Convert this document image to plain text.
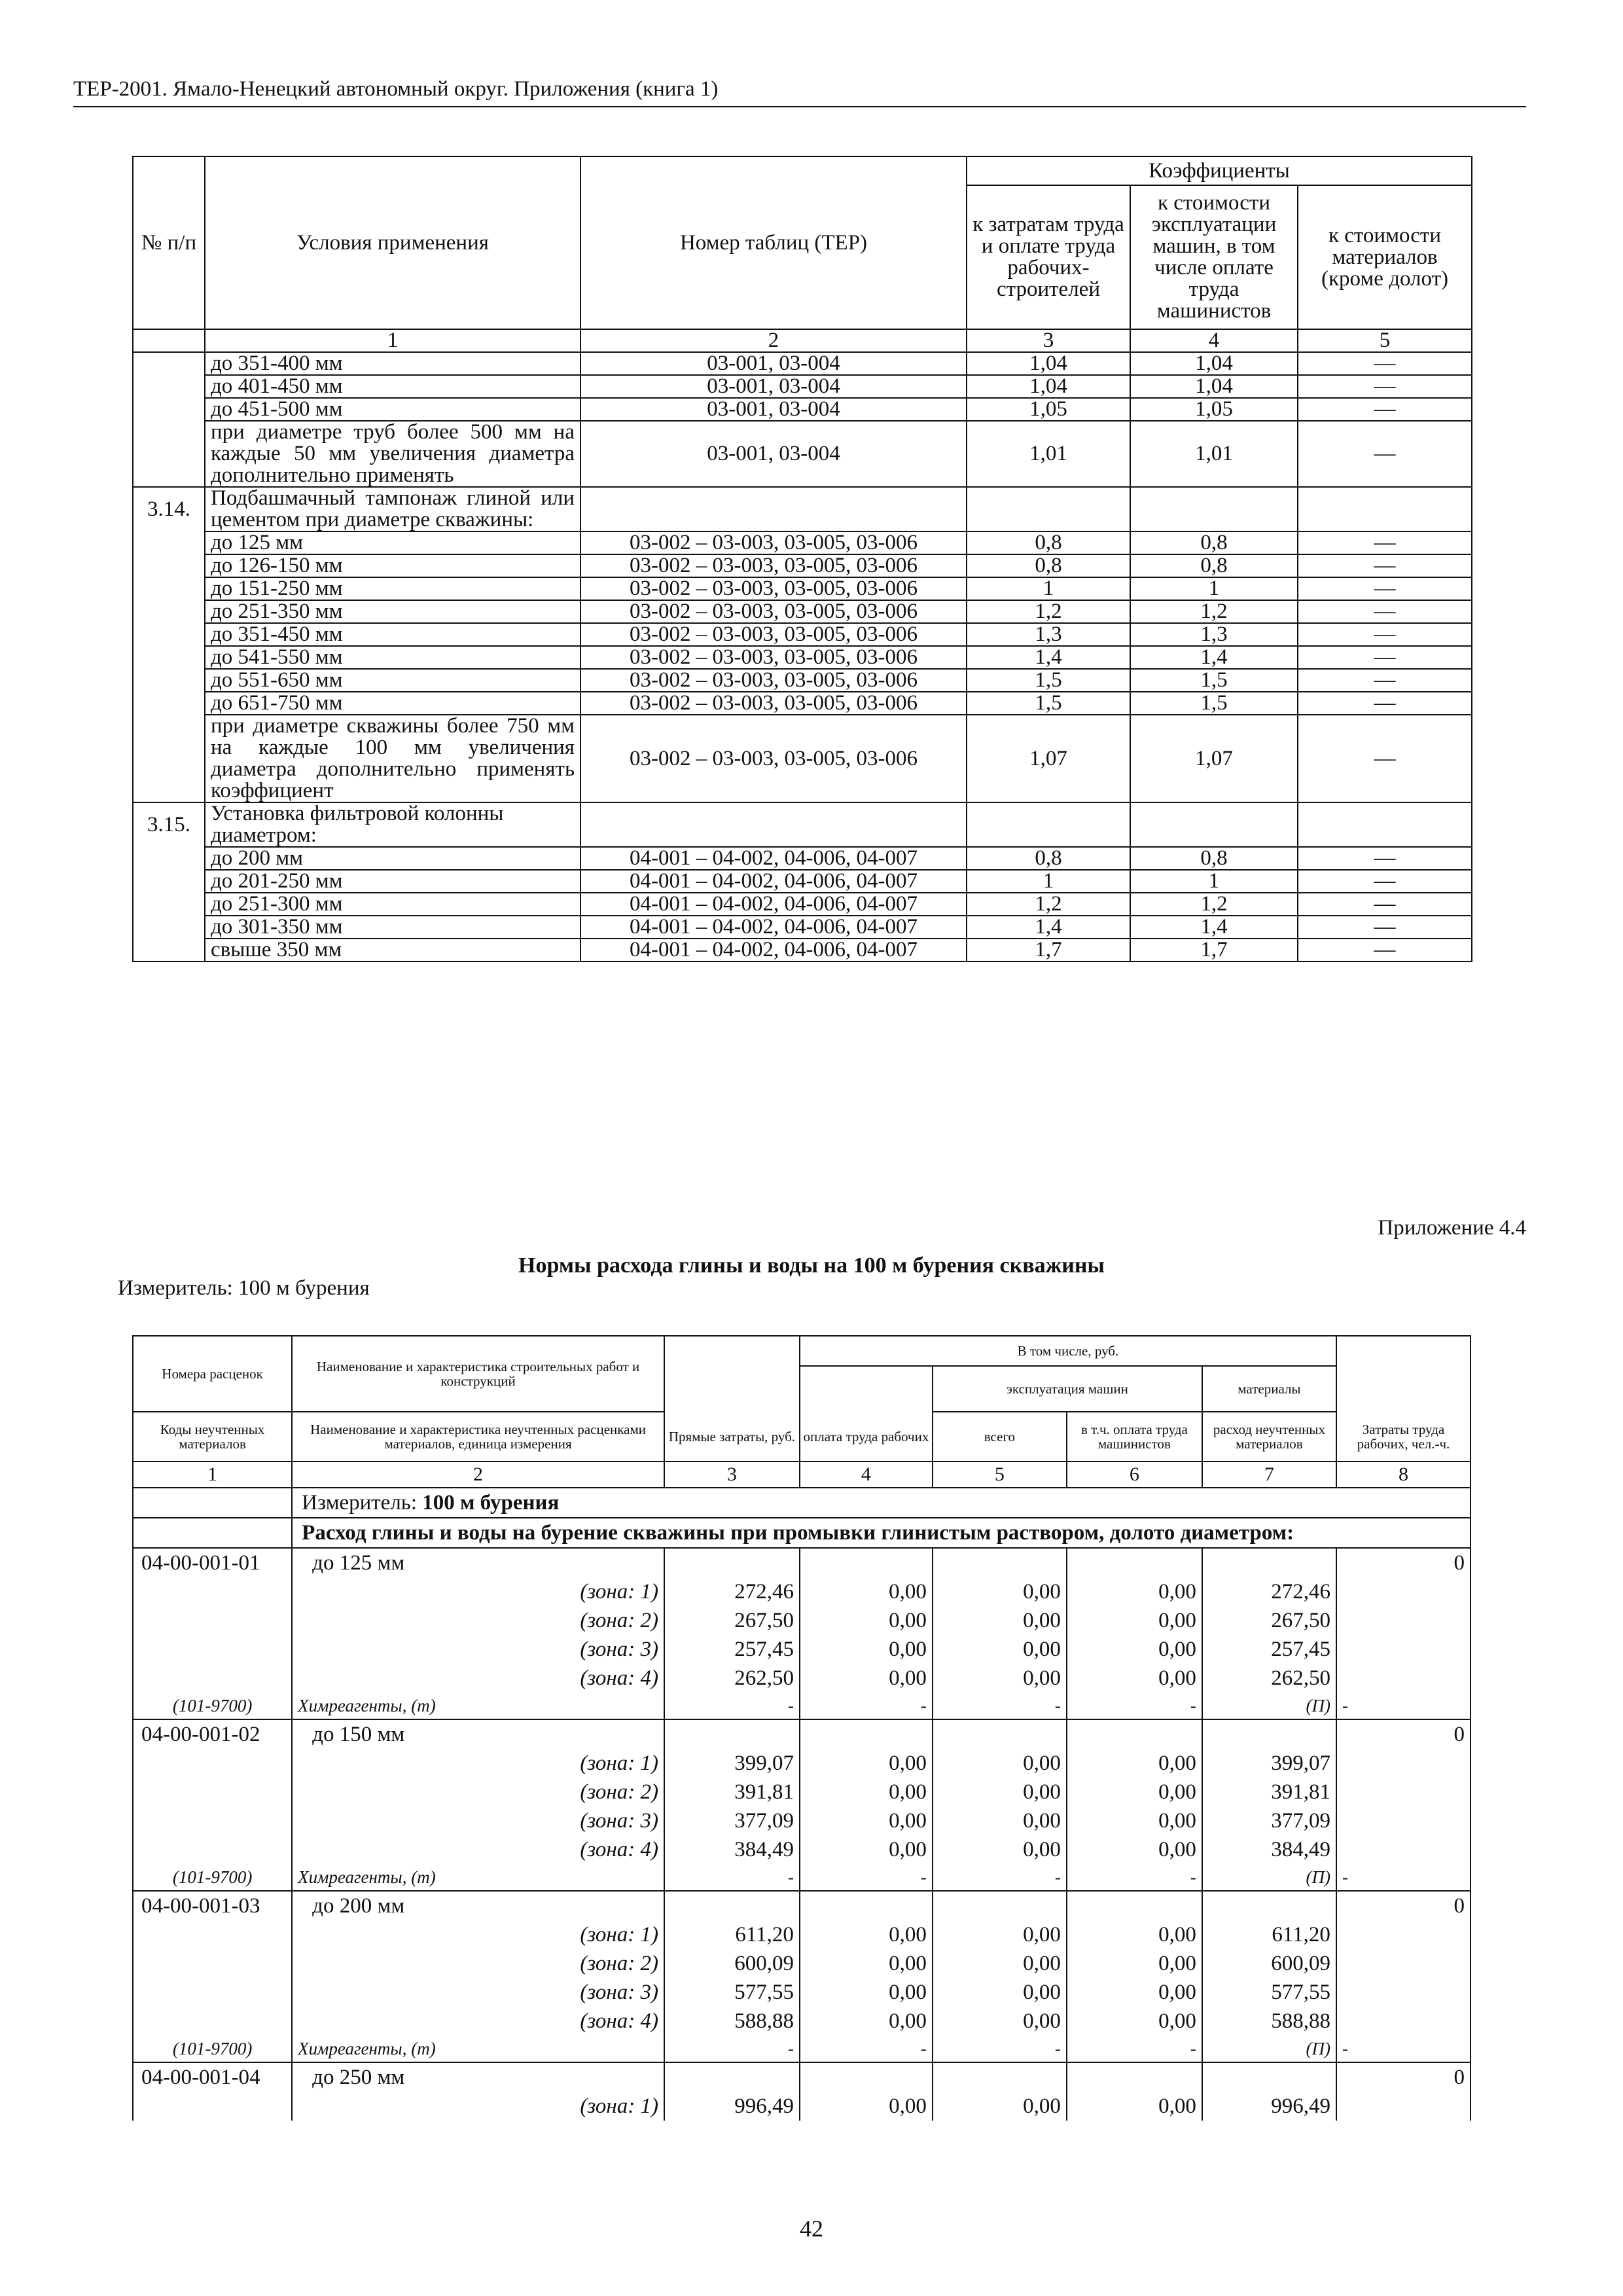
ТЕР-2001. Ямало-Ненецкий автономный округ. Приложения (книга 1)
№ п/п	Условия применения	Номер таблиц (ТЕР)	Коэффициенты		
			к затратам труда и оплате труда рабочих-строителей	к стоимости эксплуатации машин, в том числе оплате труда машинистов	к стоимости материалов (кроме долот)
	1	2	3	4	5
	до 351-400 мм	03-001, 03-004	1,04	1,04	—
	до 401-450 мм	03-001, 03-004	1,04	1,04	—
	до 451-500 мм	03-001, 03-004	1,05	1,05	—
	при диаметре труб более 500 мм на каждые 50 мм увеличения диаметра дополнительно применять	03-001, 03-004	1,01	1,01	—
3.14.	Подбашмачный тампонаж глиной или цементом при диаметре скважины:				
	до 125 мм	03-002 – 03-003, 03-005, 03-006	0,8	0,8	—
	до 126-150 мм	03-002 – 03-003, 03-005, 03-006	0,8	0,8	—
	до 151-250 мм	03-002 – 03-003, 03-005, 03-006	1	1	—
	до 251-350 мм	03-002 – 03-003, 03-005, 03-006	1,2	1,2	—
	до 351-450 мм	03-002 – 03-003, 03-005, 03-006	1,3	1,3	—
	до 541-550 мм	03-002 – 03-003, 03-005, 03-006	1,4	1,4	—
	до 551-650 мм	03-002 – 03-003, 03-005, 03-006	1,5	1,5	—
	до 651-750 мм	03-002 – 03-003, 03-005, 03-006	1,5	1,5	—
	при диаметре скважины более 750 мм на каждые 100 мм увеличения диаметра дополнительно применять коэффициент	03-002 – 03-003, 03-005, 03-006	1,07	1,07	—
3.15.	Установка фильтровой колонны диаметром:				
	до 200 мм	04-001 – 04-002, 04-006, 04-007	0,8	0,8	—
	до 201-250 мм	04-001 – 04-002, 04-006, 04-007	1	1	—
	до 251-300 мм	04-001 – 04-002, 04-006, 04-007	1,2	1,2	—
	до 301-350 мм	04-001 – 04-002, 04-006, 04-007	1,4	1,4	—
	свыше 350 мм	04-001 – 04-002, 04-006, 04-007	1,7	1,7	—
Приложение 4.4
Нормы расхода глины и воды на 100 м бурения скважины
Измеритель: 100 м бурения
Номера расценок	Наименование и характеристика строительных работ и конструкций		В том числе, руб.				
				эксплуатация машин		материалы	
Коды неучтенных материалов	Наименование и характеристика неучтенных расценками материалов, единица измерения	Прямые затраты, руб.	оплата труда рабочих	всего	в т.ч. оплата труда машинистов	расход неучтенных материалов	Затраты труда рабочих, чел.-ч.
1	2	3	4	5	6	7	8
	Измеритель: 100 м бурения						
	Расход глины и воды на бурение скважины при промывки глинистым раствором, долото диаметром:						
04-00-001-01	до 125 мм						0
	(зона: 1)	272,46	0,00	0,00	0,00	272,46	
	(зона: 2)	267,50	0,00	0,00	0,00	267,50	
	(зона: 3)	257,45	0,00	0,00	0,00	257,45	
	(зона: 4)	262,50	0,00	0,00	0,00	262,50	
(101-9700)	Химреагенты, (т)	-	-	-	-	(П)	-
04-00-001-02	до 150 мм						0
	(зона: 1)	399,07	0,00	0,00	0,00	399,07	
	(зона: 2)	391,81	0,00	0,00	0,00	391,81	
	(зона: 3)	377,09	0,00	0,00	0,00	377,09	
	(зона: 4)	384,49	0,00	0,00	0,00	384,49	
(101-9700)	Химреагенты, (т)	-	-	-	-	(П)	-
04-00-001-03	до 200 мм						0
	(зона: 1)	611,20	0,00	0,00	0,00	611,20	
	(зона: 2)	600,09	0,00	0,00	0,00	600,09	
	(зона: 3)	577,55	0,00	0,00	0,00	577,55	
	(зона: 4)	588,88	0,00	0,00	0,00	588,88	
(101-9700)	Химреагенты, (т)	-	-	-	-	(П)	-
04-00-001-04	до 250 мм						0
	(зона: 1)	996,49	0,00	0,00	0,00	996,49	
42
